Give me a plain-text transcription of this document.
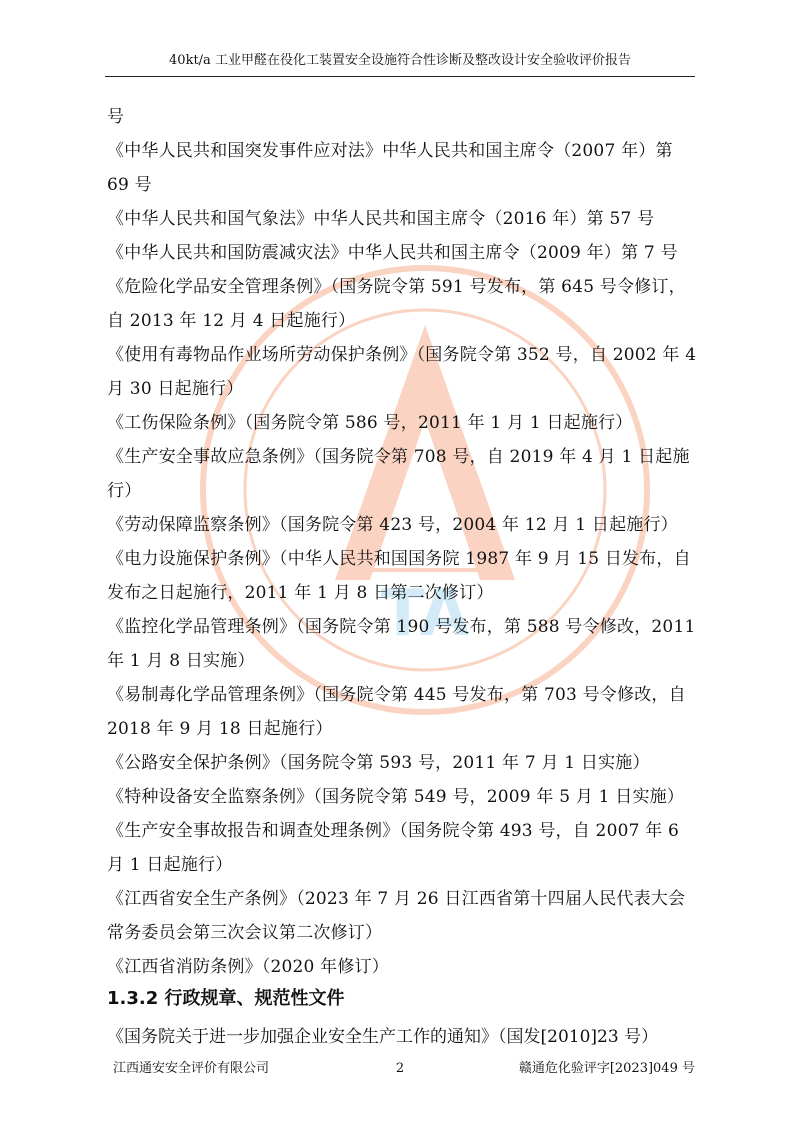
TA
40kt/a 工业甲醛在役化工装置安全设施符合性诊断及整改设计安全验收评价报告
号
《中华人民共和国突发事件应对法》中华人民共和国主席令（2007 年）第
69 号
《中华人民共和国气象法》中华人民共和国主席令（2016 年）第 57 号
《中华人民共和国防震减灾法》中华人民共和国主席令（2009 年）第 7 号
《危险化学品安全管理条例》（国务院令第 591 号发布，第 645 号令修订，
自 2013 年 12 月 4 日起施行）
《使用有毒物品作业场所劳动保护条例》（国务院令第 352 号，自 2002 年 4
月 30 日起施行）
《工伤保险条例》（国务院令第 586 号，2011 年 1 月 1 日起施行）
《生产安全事故应急条例》（国务院令第 708 号，自 2019 年 4 月 1 日起施
行）
《劳动保障监察条例》（国务院令第 423 号，2004 年 12 月 1 日起施行）
《电力设施保护条例》（中华人民共和国国务院 1987 年 9 月 15 日发布，自
发布之日起施行，2011 年 1 月 8 日第二次修订）
《监控化学品管理条例》（国务院令第 190 号发布，第 588 号令修改，2011
年 1 月 8 日实施）
《易制毒化学品管理条例》（国务院令第 445 号发布，第 703 号令修改，自
2018 年 9 月 18 日起施行）
《公路安全保护条例》（国务院令第 593 号，2011 年 7 月 1 日实施）
《特种设备安全监察条例》（国务院令第 549 号，2009 年 5 月 1 日实施）
《生产安全事故报告和调查处理条例》（国务院令第 493 号，自 2007 年 6
月 1 日起施行）
《江西省安全生产条例》（2023 年 7 月 26 日江西省第十四届人民代表大会
常务委员会第三次会议第二次修订）
《江西省消防条例》（2020 年修订）
1.3.2 行政规章、规范性文件
《国务院关于进一步加强企业安全生产工作的通知》（国发[2010]23 号）
江西通安安全评价有限公司	2	赣通危化验评字[2023]049 号
